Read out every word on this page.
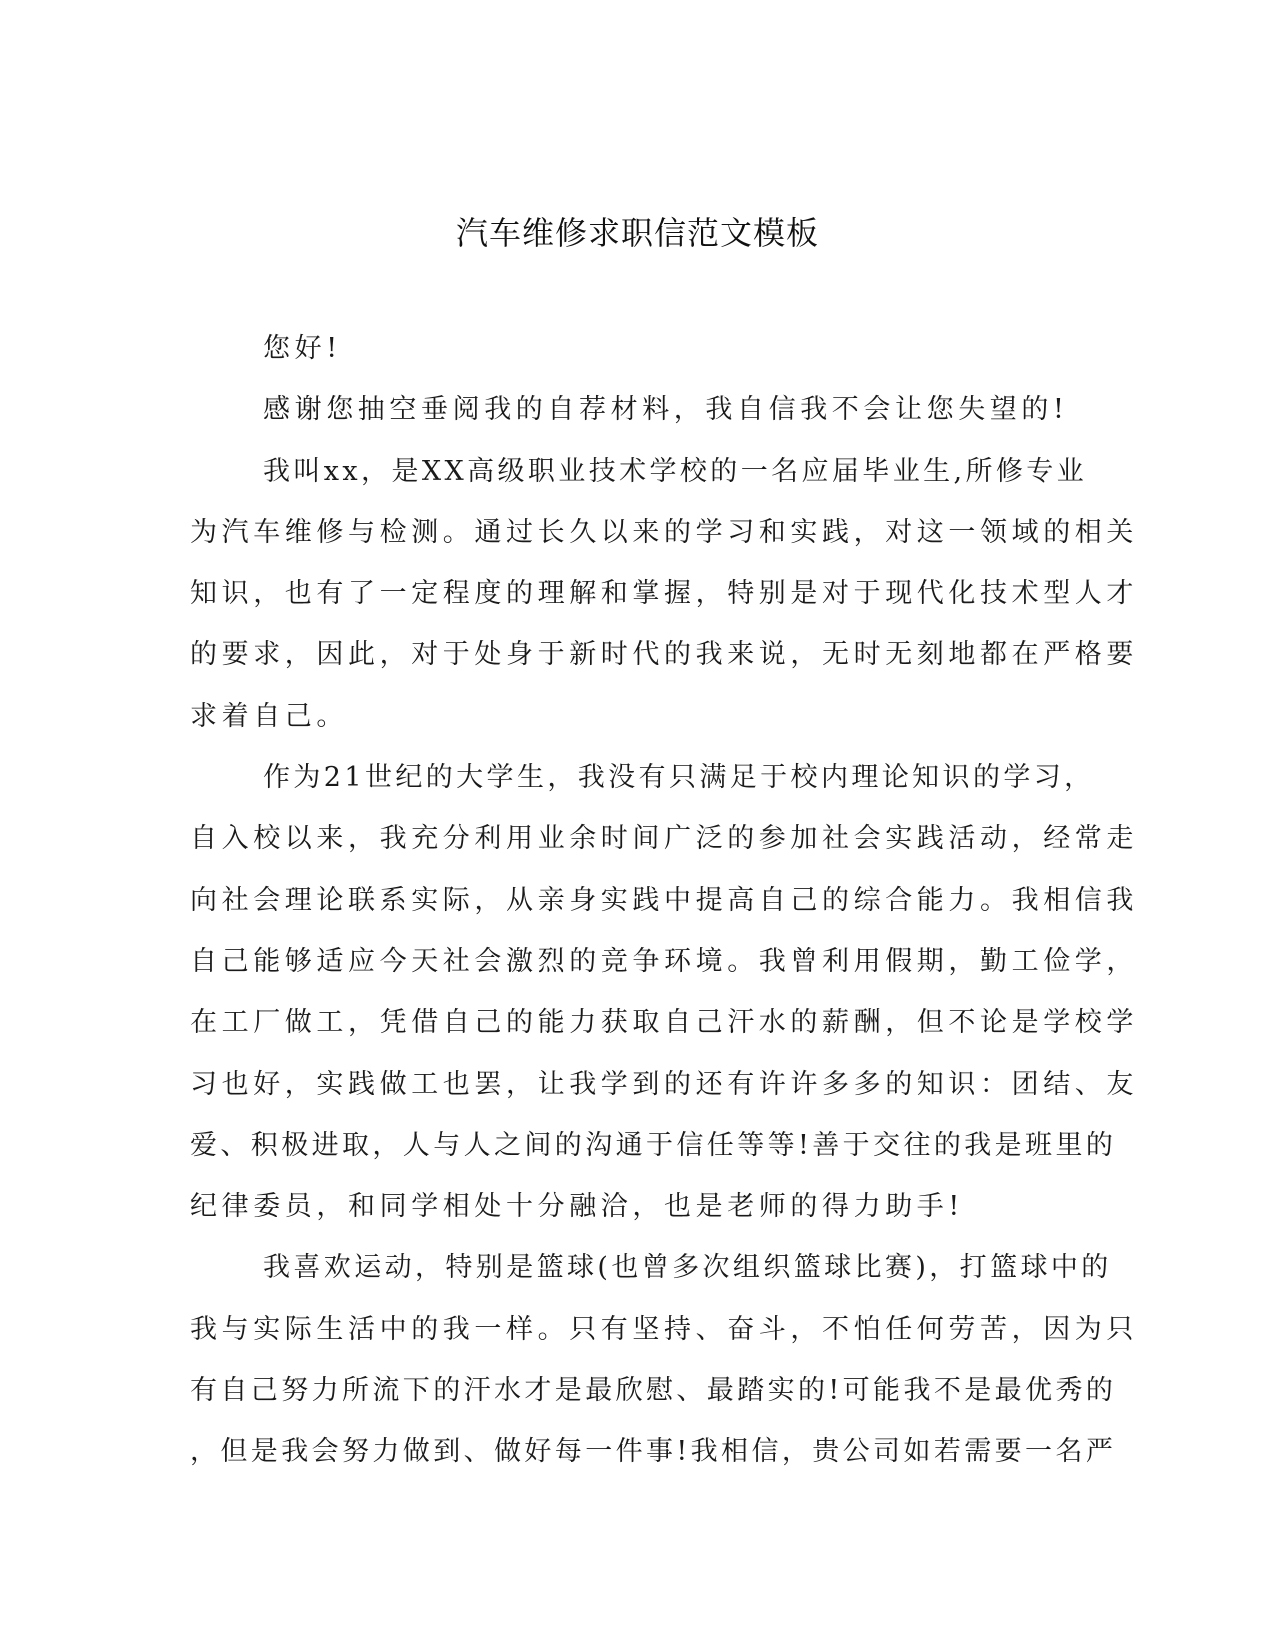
汽车维修求职信范文模板
您好!
感谢您抽空垂阅我的自荐材料，我自信我不会让您失望的!
我叫xx，是XX高级职业技术学校的一名应届毕业生,所修专业
为汽车维修与检测。通过长久以来的学习和实践，对这一领域的相关
知识，也有了一定程度的理解和掌握，特别是对于现代化技术型人才
的要求，因此，对于处身于新时代的我来说，无时无刻地都在严格要
求着自己。
作为21世纪的大学生，我没有只满足于校内理论知识的学习，
自入校以来，我充分利用业余时间广泛的参加社会实践活动，经常走
向社会理论联系实际，从亲身实践中提高自己的综合能力。我相信我
自己能够适应今天社会激烈的竞争环境。我曾利用假期，勤工俭学，
在工厂做工，凭借自己的能力获取自己汗水的薪酬，但不论是学校学
习也好，实践做工也罢，让我学到的还有许许多多的知识：团结、友
爱、积极进取，人与人之间的沟通于信任等等!善于交往的我是班里的
纪律委员，和同学相处十分融洽，也是老师的得力助手!
我喜欢运动，特别是篮球(也曾多次组织篮球比赛)，打篮球中的
我与实际生活中的我一样。只有坚持、奋斗，不怕任何劳苦，因为只
有自己努力所流下的汗水才是最欣慰、最踏实的!可能我不是最优秀的
，但是我会努力做到、做好每一件事!我相信，贵公司如若需要一名严
